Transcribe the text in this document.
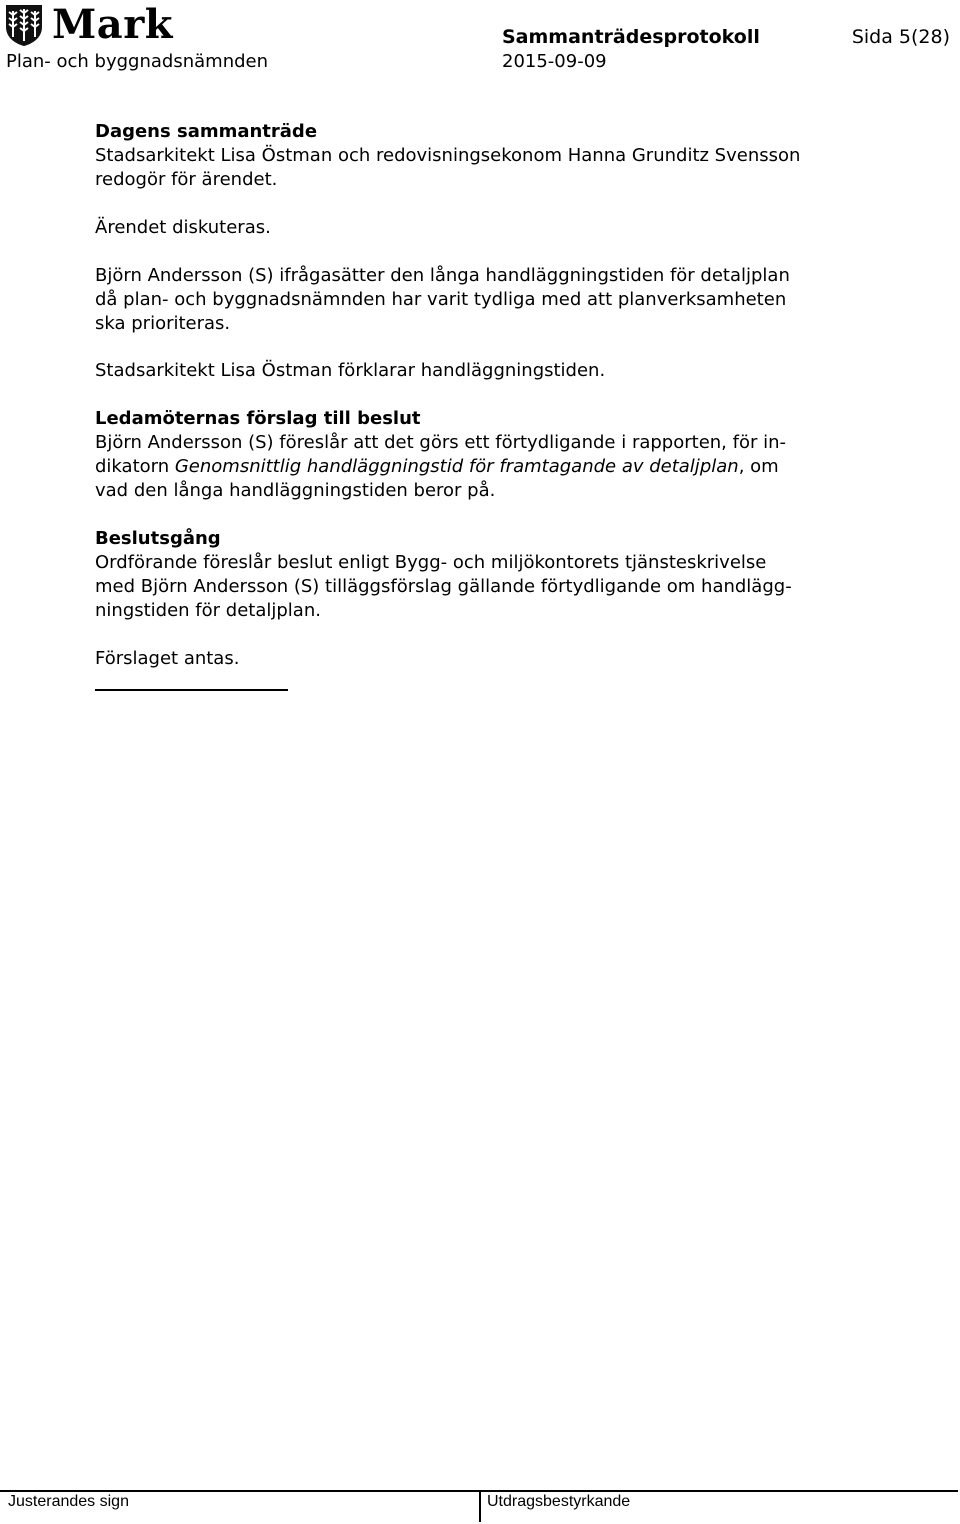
Mark
Plan- och byggnadsnämnden
Sammanträdesprotokoll
2015-09-09
Sida 5(28)

Dagens sammanträde

Stadsarkitekt Lisa Östman och redovisningsekonom Hanna Grunditz Svensson

redogör för ärendet.

Ärendet diskuteras.

Björn Andersson (S) ifrågasätter den långa handläggningstiden för detaljplan

då plan- och byggnadsnämnden har varit tydliga med att planverksamheten

ska prioriteras.

Stadsarkitekt Lisa Östman förklarar handläggningstiden.

Ledamöternas förslag till beslut

Björn Andersson (S) föreslår att det görs ett förtydligande i rapporten, för in-

dikatorn Genomsnittlig handläggningstid för framtagande av detaljplan, om

vad den långa handläggningstiden beror på.

Beslutsgång

Ordförande föreslår beslut enligt Bygg- och miljökontorets tjänsteskrivelse

med Björn Andersson (S) tilläggsförslag gällande förtydligande om handlägg-

ningstiden för detaljplan.

Förslaget antas.

Justerandes sign	Utdragsbestyrkande
